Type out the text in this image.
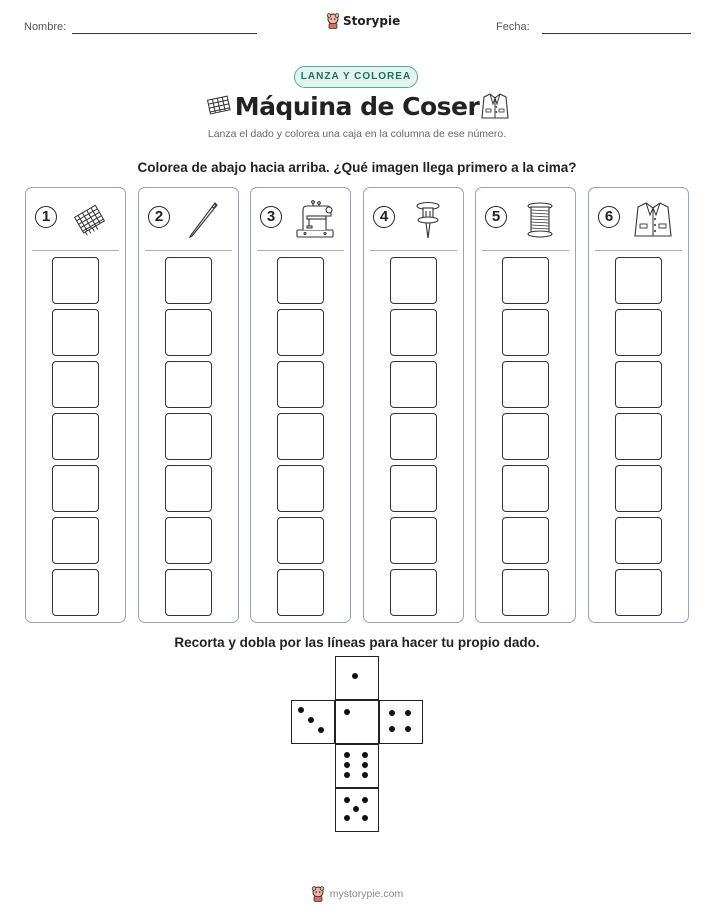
Nombre:	Storypie	Fecha:
LANZA Y COLOREA
Máquina de Coser
Lanza el dado y colorea una caja en la columna de ese número.
Colorea de abajo hacia arriba. ¿Qué imagen llega primero a la cima?
1	2	3	4	5	6
Recorta y dobla por las líneas para hacer tu propio dado.
mystorypie.com
